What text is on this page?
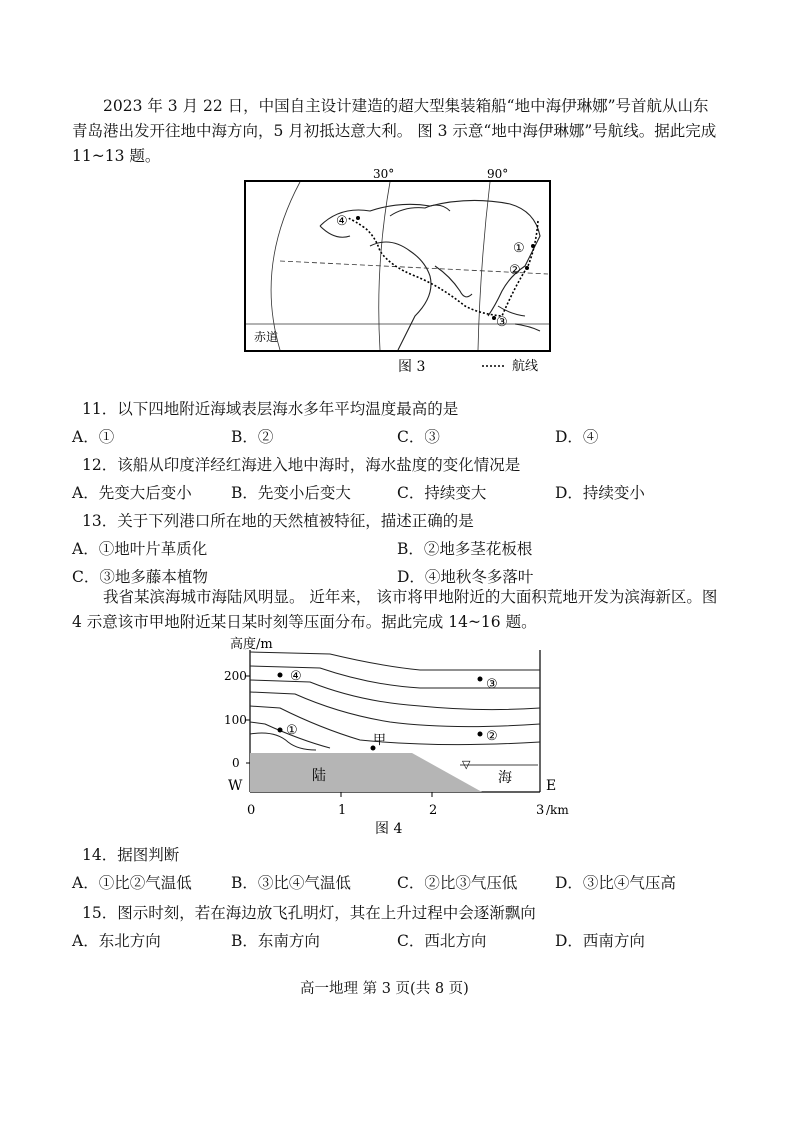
2023 年 3 月 22 日，中国自主设计建造的超大型集装箱船“地中海伊琳娜”号首航从山东青岛港出发开往地中海方向，5 月初抵达意大利。 图 3 示意“地中海伊琳娜”号航线。据此完成 11~13 题。
30°	90°
赤道
④
①
②
③
图 3	航线
11．以下四地附近海域表层海水多年平均温度最高的是
A．①	B．②	C．③	D．④
12．该船从印度洋经红海进入地中海时，海水盐度的变化情况是
A．先变大后变小	B．先变小后变大	C．持续变大	D．持续变小
13．关于下列港口所在地的天然植被特征，描述正确的是
A．①地叶片革质化	B．②地多茎花板根
C．③地多藤本植物	D．④地秋冬多落叶
我省某滨海城市海陆风明显。 近年来， 该市将甲地附近的大面积荒地开发为滨海新区。图 4 示意该市甲地附近某日某时刻等压面分布。据此完成 14~16 题。
高度/m
200
100
0
W	E
陆	海
▽
④
③
①	②
甲
0	1	2	3 /km
图 4
14．据图判断
A．①比②气温低	B．③比④气温低	C．②比③气压低 D．③比④气压高
15．图示时刻，若在海边放飞孔明灯，其在上升过程中会逐渐飘向
A．东北方向	B．东南方向	C．西北方向	D．西南方向
高一地理 第 3 页(共 8 页)
